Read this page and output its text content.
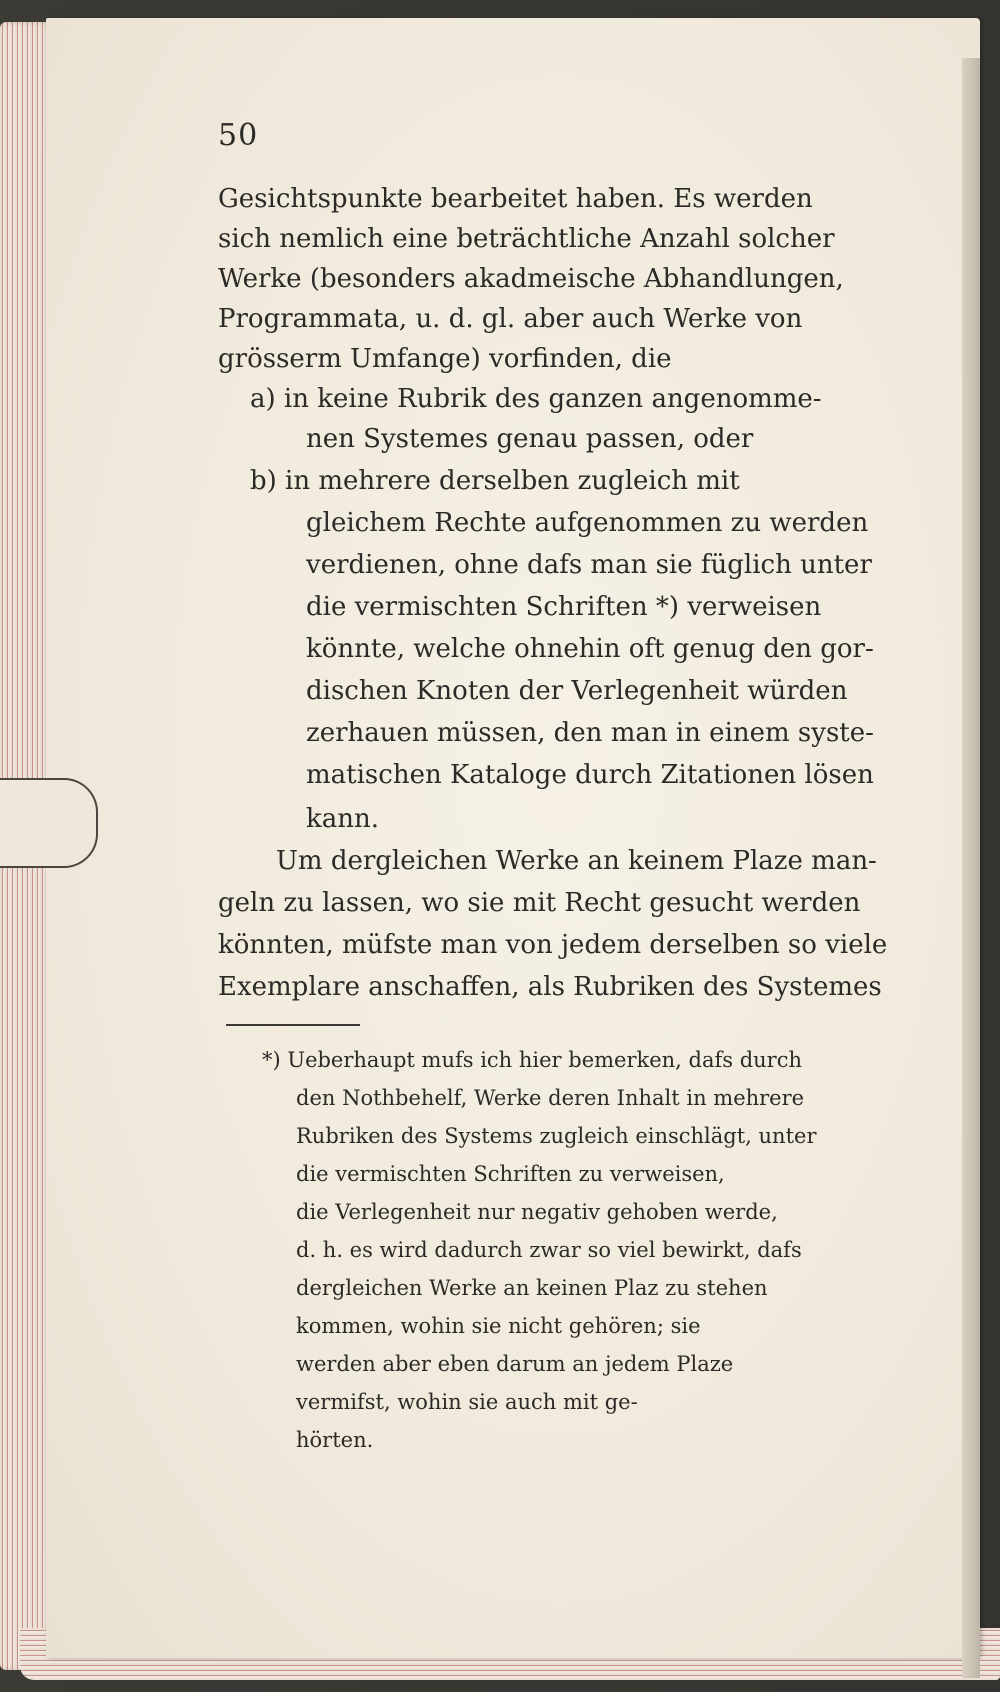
50
Gesichtspunkte bearbeitet haben. Es werden
sich nemlich eine beträchtliche Anzahl solcher
Werke (besonders akadmeische Abhandlungen,
Programmata, u. d. gl. aber auch Werke von
grösserm Umfange) vorfinden, die
a) in keine Rubrik des ganzen angenomme-
nen Systemes genau passen, oder
b) in mehrere derselben zugleich mit
gleichem Rechte aufgenommen zu werden
verdienen, ohne dafs man sie füglich unter
die vermischten Schriften *) verweisen
könnte, welche ohnehin oft genug den gor-
dischen Knoten der Verlegenheit würden
zerhauen müssen, den man in einem syste-
matischen Kataloge durch Zitationen lösen
kann.
Um dergleichen Werke an keinem Plaze man-
geln zu lassen, wo sie mit Recht gesucht werden
könnten, müfste man von jedem derselben so viele
Exemplare anschaffen, als Rubriken des Systemes
*) Ueberhaupt mufs ich hier bemerken, dafs durch
den Nothbehelf, Werke deren Inhalt in mehrere
Rubriken des Systems zugleich einschlägt, unter
die vermischten Schriften zu verweisen,
die Verlegenheit nur negativ gehoben werde,
d. h. es wird dadurch zwar so viel bewirkt, dafs
dergleichen Werke an keinen Plaz zu stehen
kommen, wohin sie nicht gehören; sie
werden aber eben darum an jedem Plaze
vermifst, wohin sie auch mit ge-
hörten.
